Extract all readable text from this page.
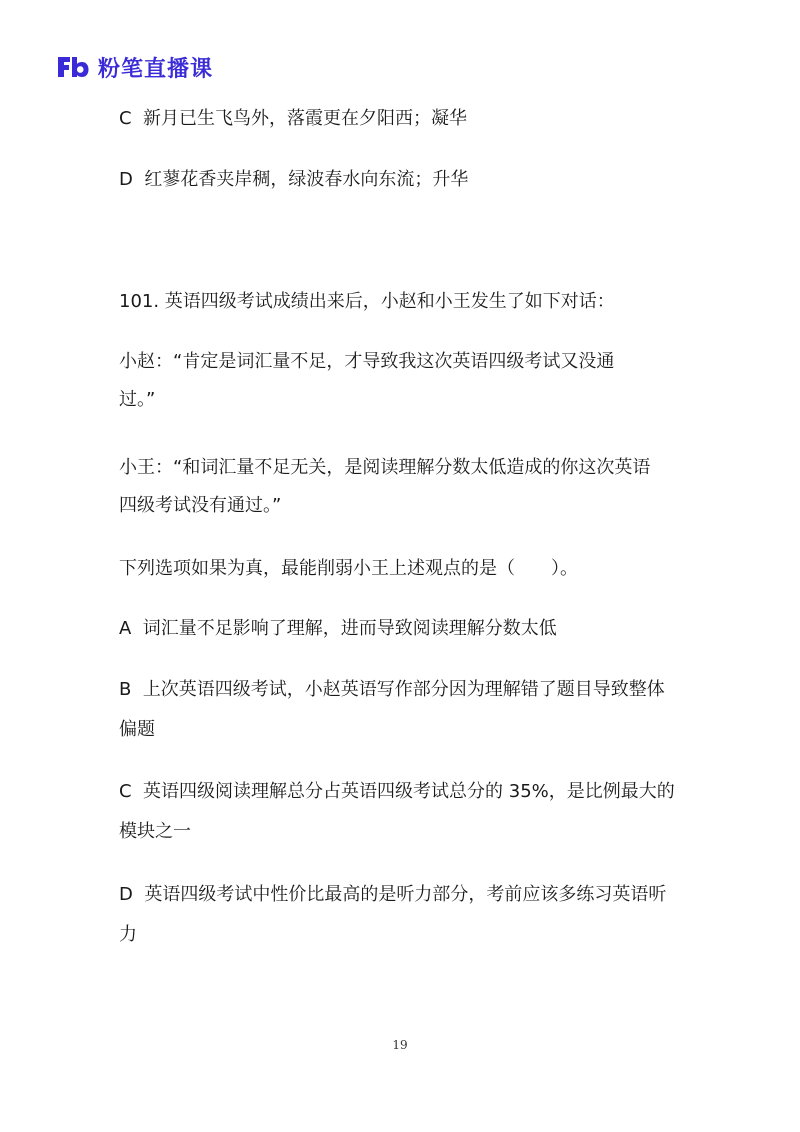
粉笔直播课
C 新月已生飞鸟外，落霞更在夕阳西；凝华
D 红蓼花香夹岸稠，绿波春水向东流；升华
101. 英语四级考试成绩出来后，小赵和小王发生了如下对话：
小赵：“肯定是词汇量不足，才导致我这次英语四级考试又没通
过。”
小王：“和词汇量不足无关，是阅读理解分数太低造成的你这次英语
四级考试没有通过。”
下列选项如果为真，最能削弱小王上述观点的是（　　）。
A 词汇量不足影响了理解，进而导致阅读理解分数太低
B 上次英语四级考试，小赵英语写作部分因为理解错了题目导致整体
偏题
C 英语四级阅读理解总分占英语四级考试总分的 35%，是比例最大的
模块之一
D 英语四级考试中性价比最高的是听力部分，考前应该多练习英语听
力
19
